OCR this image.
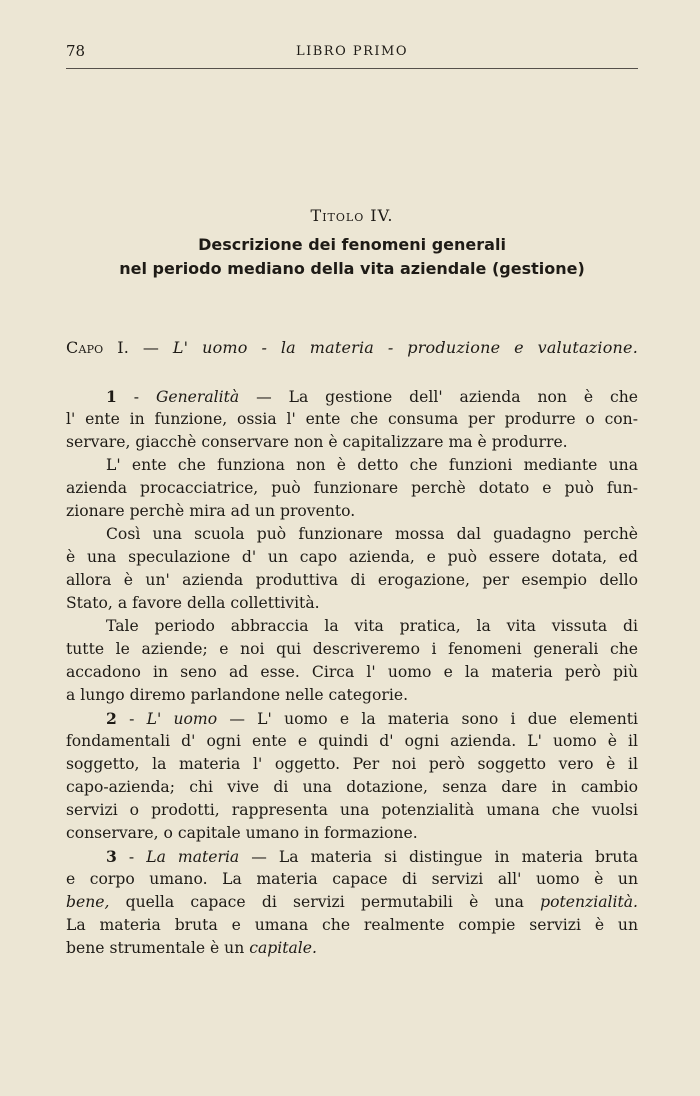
78	LIBRO PRIMO
Titolo IV.
Descrizione dei fenomeni generali
nel periodo mediano della vita aziendale (gestione)
Capo I. — L' uomo - la materia - produzione e valutazione.
1 - Generalità — La gestione dell' azienda non è che
l' ente in funzione, ossia l' ente che consuma per produrre o con-
servare, giacchè conservare non è capitalizzare ma è produrre.
L' ente che funziona non è detto che funzioni mediante una
azienda procacciatrice, può funzionare perchè dotato e può fun-
zionare perchè mira ad un provento.
Così una scuola può funzionare mossa dal guadagno perchè
è una speculazione d' un capo azienda, e può essere dotata, ed
allora è un' azienda produttiva di erogazione, per esempio dello
Stato, a favore della collettività.
Tale periodo abbraccia la vita pratica, la vita vissuta di
tutte le aziende; e noi qui descriveremo i fenomeni generali che
accadono in seno ad esse. Circa l' uomo e la materia però più
a lungo diremo parlandone nelle categorie.
2 - L' uomo — L' uomo e la materia sono i due elementi
fondamentali d' ogni ente e quindi d' ogni azienda. L' uomo è il
soggetto, la materia l' oggetto. Per noi però soggetto vero è il
capo-azienda; chi vive di una dotazione, senza dare in cambio
servizi o prodotti, rappresenta una potenzialità umana che vuolsi
conservare, o capitale umano in formazione.
3 - La materia — La materia si distingue in materia bruta
e corpo umano. La materia capace di servizi all' uomo è un
bene, quella capace di servizi permutabili è una potenzialità.
La materia bruta e umana che realmente compie servizi è un
bene strumentale è un capitale.
